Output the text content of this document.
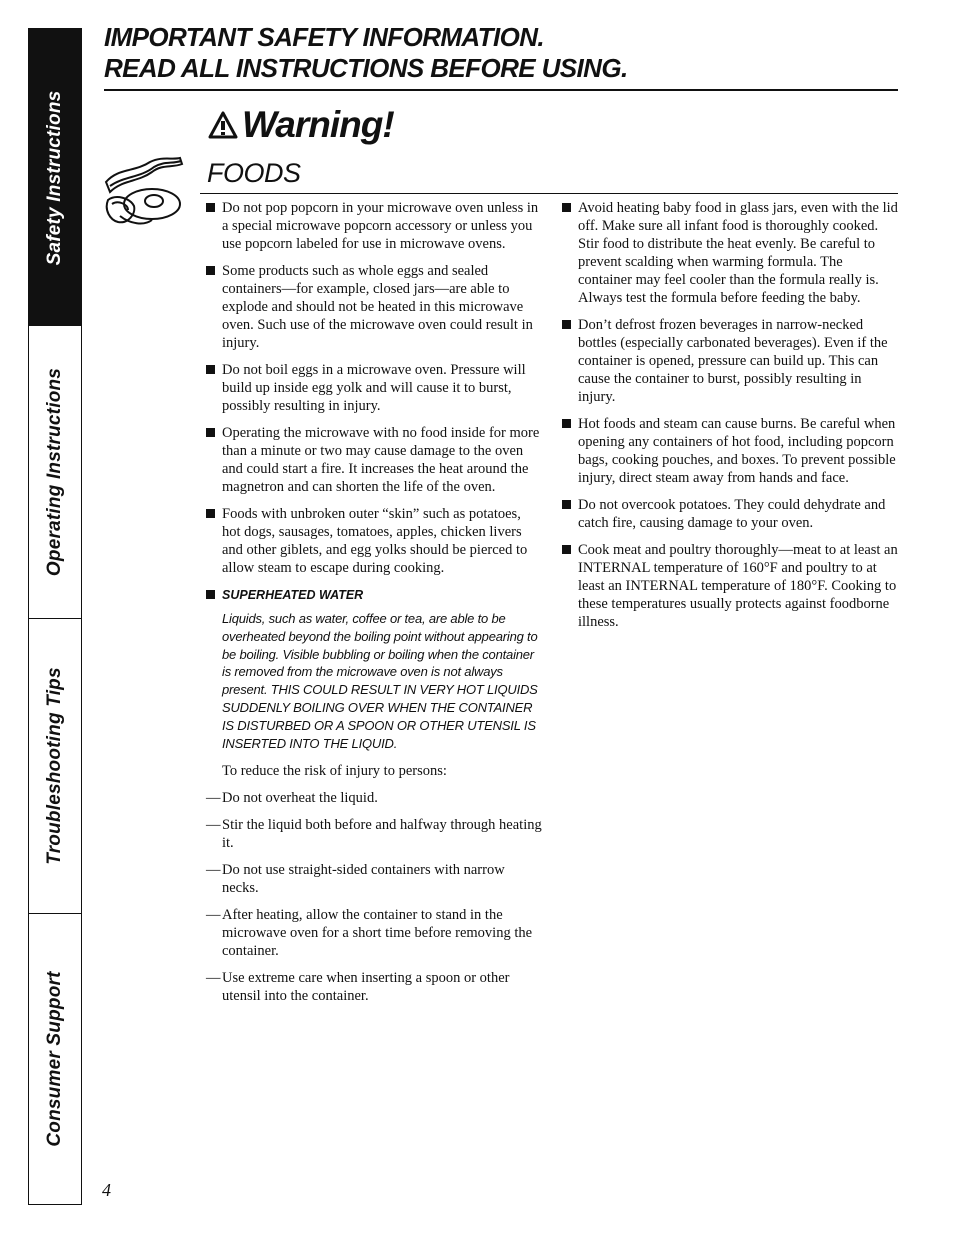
Safety Instructions
Operating Instructions
Troubleshooting Tips
Consumer Support
IMPORTANT SAFETY INFORMATION.
READ ALL INSTRUCTIONS BEFORE USING.
Warning!
FOODS
Do not pop popcorn in your microwave oven unless in a special microwave popcorn accessory or unless you use popcorn labeled for use in microwave ovens.
Some products such as whole eggs and sealed containers—for example, closed jars—are able to explode and should not be heated in this microwave oven. Such use of the microwave oven could result in injury.
Do not boil eggs in a microwave oven. Pressure will build up inside egg yolk and will cause it to burst, possibly resulting in injury.
Operating the microwave with no food inside for more than a minute or two may cause damage to the oven and could start a fire. It increases the heat around the magnetron and can shorten the life of the oven.
Foods with unbroken outer “skin” such as potatoes, hot dogs, sausages, tomatoes, apples, chicken livers and other giblets, and egg yolks should be pierced to allow steam to escape during cooking.
SUPERHEATED WATER
Liquids, such as water, coffee or tea, are able to be overheated beyond the boiling point without appearing to be boiling. Visible bubbling or boiling when the container is removed from the microwave oven is not always present. THIS COULD RESULT IN VERY HOT LIQUIDS SUDDENLY BOILING OVER WHEN THE CONTAINER IS DISTURBED OR A SPOON OR OTHER UTENSIL IS INSERTED INTO THE LIQUID.
To reduce the risk of injury to persons:
— Do not overheat the liquid.
— Stir the liquid both before and halfway through heating it.
— Do not use straight-sided containers with narrow necks.
— After heating, allow the container to stand in the microwave oven for a short time before removing the container.
— Use extreme care when inserting a spoon or other utensil into the container.
Avoid heating baby food in glass jars, even with the lid off. Make sure all infant food is thoroughly cooked. Stir food to distribute the heat evenly. Be careful to prevent scalding when warming formula. The container may feel cooler than the formula really is. Always test the formula before feeding the baby.
Don’t defrost frozen beverages in narrow-necked bottles (especially carbonated beverages). Even if the container is opened, pressure can build up. This can cause the container to burst, possibly resulting in injury.
Hot foods and steam can cause burns. Be careful when opening any containers of hot food, including popcorn bags, cooking pouches, and boxes. To prevent possible injury, direct steam away from hands and face.
Do not overcook potatoes. They could dehydrate and catch fire, causing damage to your oven.
Cook meat and poultry thoroughly—meat to at least an INTERNAL temperature of 160°F and poultry to at least an INTERNAL temperature of 180°F. Cooking to these temperatures usually protects against foodborne illness.
4
